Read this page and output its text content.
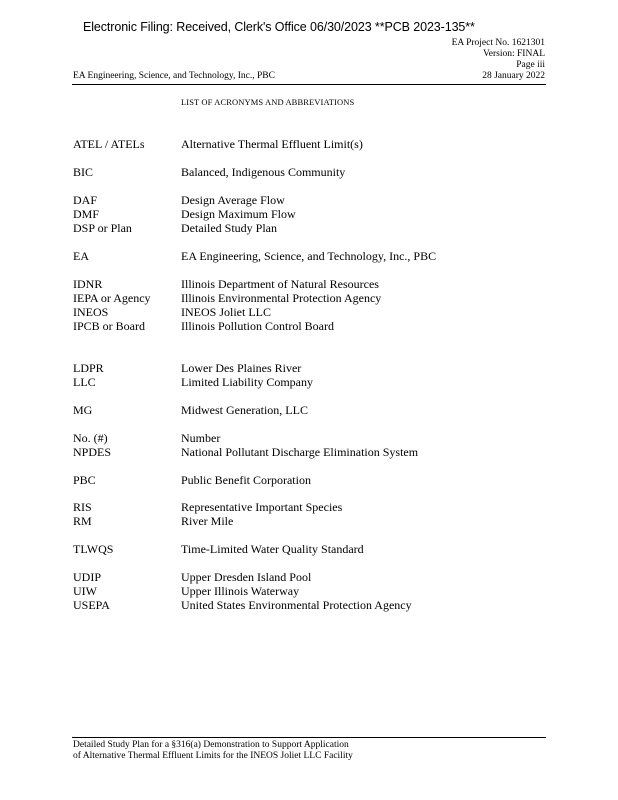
Electronic Filing: Received, Clerk's Office 06/30/2023 **PCB 2023-135**
EA Project No. 1621301
Version: FINAL
Page iii
28 January 2022
EA Engineering, Science, and Technology, Inc., PBC
LIST OF ACRONYMS AND ABBREVIATIONS
ATEL / ATELs	Alternative Thermal Effluent Limit(s)
BIC	Balanced, Indigenous Community
DAF	Design Average Flow
DMF	Design Maximum Flow
DSP or Plan	Detailed Study Plan
EA	EA Engineering, Science, and Technology, Inc., PBC
IDNR	Illinois Department of Natural Resources
IEPA or Agency	Illinois Environmental Protection Agency
INEOS	INEOS Joliet LLC
IPCB or Board	Illinois Pollution Control Board
LDPR	Lower Des Plaines River
LLC	Limited Liability Company
MG	Midwest Generation, LLC
No. (#)	Number
NPDES	National Pollutant Discharge Elimination System
PBC	Public Benefit Corporation
RIS	Representative Important Species
RM	River Mile
TLWQS	Time-Limited Water Quality Standard
UDIP	Upper Dresden Island Pool
UIW	Upper Illinois Waterway
USEPA	United States Environmental Protection Agency
Detailed Study Plan for a §316(a) Demonstration to Support Application
of Alternative Thermal Effluent Limits for the INEOS Joliet LLC Facility
